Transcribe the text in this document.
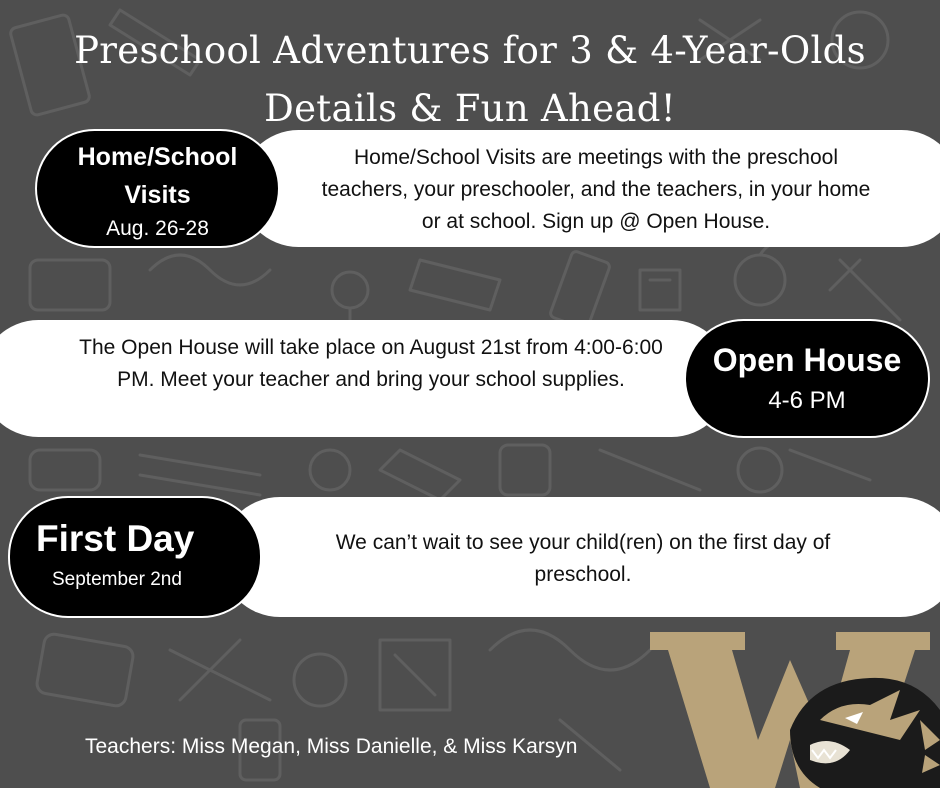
Preschool Adventures for 3 & 4-Year-Olds
Details & Fun Ahead!
Home/School
Visits
Aug. 26-28
Home/School Visits are meetings with the preschool teachers, your preschooler, and the teachers, in your home or at school. Sign up @ Open House.
Open House
4-6 PM
The Open House will take place on August 21st from 4:00-6:00 PM. Meet your teacher and bring your school supplies.
First Day
September 2nd
We can’t wait to see your child(ren) on the first day of preschool.
Teachers: Miss Megan, Miss Danielle, & Miss Karsyn
